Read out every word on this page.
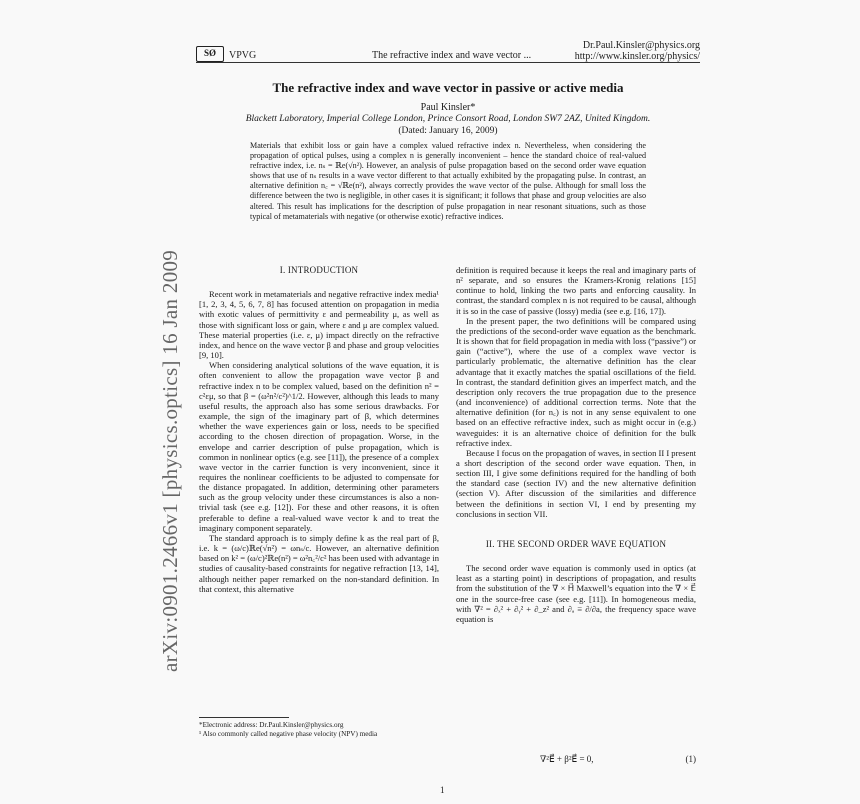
SØ	VPVG	The refractive index and wave vector ...
Dr.Paul.Kinsler@physics.org
http://www.kinsler.org/physics/
arXiv:0901.2466v1 [physics.optics] 16 Jan 2009
The refractive index and wave vector in passive or active media
Paul Kinsler*
Blackett Laboratory, Imperial College London, Prince Consort Road, London SW7 2AZ, United Kingdom.
(Dated: January 16, 2009)
Materials that exhibit loss or gain have a complex valued refractive index n. Nevertheless, when considering the propagation of optical pulses, using a complex n is generally inconvenient – hence the standard choice of real-valued refractive index, i.e. nₛ = ℝe(√n²). However, an analysis of pulse propagation based on the second order wave equation shows that use of nₛ results in a wave vector different to that actually exhibited by the propagating pulse. In contrast, an alternative definition n꜀ = √ℝe(n²), always correctly provides the wave vector of the pulse. Although for small loss the difference between the two is negligible, in other cases it is significant; it follows that phase and group velocities are also altered. This result has implications for the description of pulse propagation in near resonant situations, such as those typical of metamaterials with negative (or otherwise exotic) refractive indices.
I. INTRODUCTION

Recent work in metamaterials and negative refractive index media¹ [1, 2, 3, 4, 5, 6, 7, 8] has focused attention on propagation in media with exotic values of permittivity ε and permeability μ, as well as those with significant loss or gain, where ε and μ are complex valued. These material properties (i.e. ε, μ) impact directly on the refractive index, and hence on the wave vector β and phase and group velocities [9, 10].

When considering analytical solutions of the wave equation, it is often convenient to allow the propagation wave vector β and refractive index n to be complex valued, based on the definition n² = c²εμ, so that β = (ω²n²/c²)^1/2. However, although this leads to many useful results, the approach also has some serious drawbacks. For example, the sign of the imaginary part of β, which determines whether the wave experiences gain or loss, needs to be specified according to the chosen direction of propagation. Worse, in the envelope and carrier description of pulse propagation, which is common in nonlinear optics (e.g. see [11]), the presence of a complex wave vector in the carrier function is very inconvenient, since it requires the nonlinear coefficients to be adjusted to compensate for the distance propagated. In addition, determining other parameters such as the group velocity under these circumstances is also a non-trivial task (see e.g. [12]). For these and other reasons, it is often preferable to define a real-valued wave vector k and to treat the imaginary component separately.

The standard approach is to simply define k as the real part of β, i.e. k = (ω/c)ℝe(√n²) = ωnₛ/c. However, an alternative definition based on k² = (ω/c)²ℝe(n²) = ω²n꜀²/c² has been used with advantage in studies of causality-based constraints for negative refraction [13, 14], although neither paper remarked on the non-standard definition. In that context, this alternative

definition is required because it keeps the real and imaginary parts of n² separate, and so ensures the Kramers-Kronig relations [15] continue to hold, linking the two parts and enforcing causality. In contrast, the standard complex n is not required to be causal, although it is so in the case of passive (lossy) media (see e.g. [16, 17]).

In the present paper, the two definitions will be compared using the predictions of the second-order wave equation as the benchmark. It is shown that for field propagation in media with loss (“passive”) or gain (“active”), where the use of a complex wave vector is particularly problematic, the alternative definition has the clear advantage that it exactly matches the spatial oscillations of the field. In contrast, the standard definition gives an imperfect match, and the description only recovers the true propagation due to the presence (and inconvenience) of additional correction terms. Note that the alternative definition (for n꜀) is not in any sense equivalent to one based on an effective refractive index, such as might occur in (e.g.) waveguides: it is an alternative choice of definition for the bulk refractive index.

Because I focus on the propagation of waves, in section II I present a short description of the second order wave equation. Then, in section III, I give some definitions required for the handling of both the standard case (section IV) and the new alternative definition (section V). After discussion of the similarities and difference between the definitions in section VI, I end by presenting my conclusions in section VII.

II. THE SECOND ORDER WAVE EQUATION

The second order wave equation is commonly used in optics (at least as a starting point) in descriptions of propagation, and results from the substitution of the ∇ × H⃗ Maxwell’s equation into the ∇ × E⃗ one in the source-free case (see e.g. [11]). In homogeneous media, with ∇² = ∂ₓ² + ∂ᵧ² + ∂_z² and ∂ₐ ≡ ∂/∂a, the frequency space wave equation is

∇²E⃗ + β²E⃗ = 0,	(1)
*Electronic address: Dr.Paul.Kinsler@physics.org
¹ Also commonly called negative phase velocity (NPV) media
1
